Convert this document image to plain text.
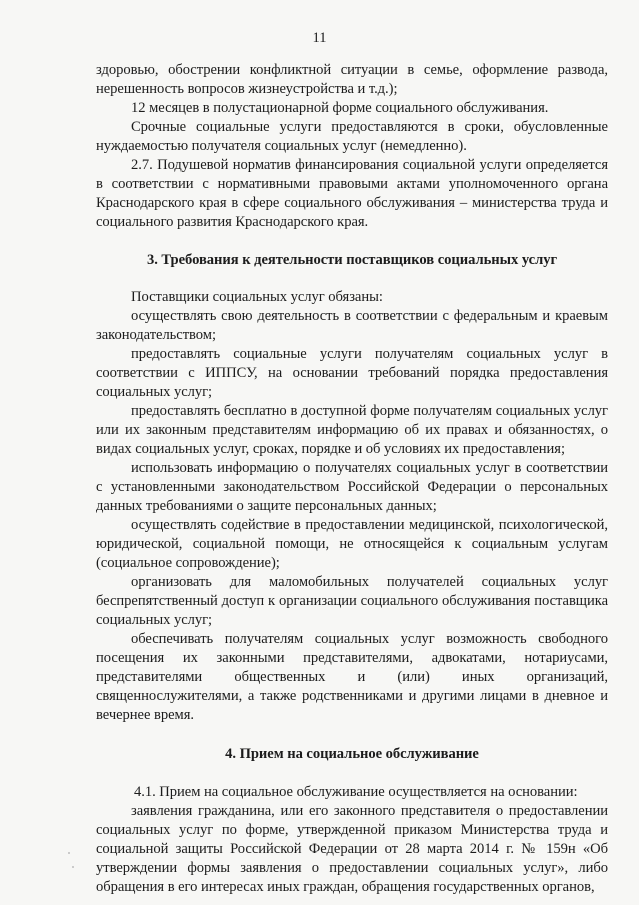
11

здоровью, обострении конфликтной ситуации в семье, оформление развода, нерешенность вопросов жизнеустройства и т.д.);

12 месяцев в полустационарной форме социального обслуживания.

Срочные социальные услуги предоставляются в сроки, обусловленные нуждаемостью получателя социальных услуг (немедленно).

2.7. Подушевой норматив финансирования социальной услуги определяется в соответствии с нормативными правовыми актами уполномоченного органа Краснодарского края в сфере социального обслуживания – министерства труда и социального развития Краснодарского края.

3. Требования к деятельности поставщиков социальных услуг

Поставщики социальных услуг обязаны:

осуществлять свою деятельность в соответствии с федеральным и краевым законодательством;

предоставлять социальные услуги получателям социальных услуг в соответствии с ИППСУ, на основании требований порядка предоставления социальных услуг;

предоставлять бесплатно в доступной форме получателям социальных услуг или их законным представителям информацию об их правах и обязанностях, о видах социальных услуг, сроках, порядке и об условиях их предоставления;

использовать информацию о получателях социальных услуг в соответствии с установленными законодательством Российской Федерации о персональных данных требованиями о защите персональных данных;

осуществлять содействие в предоставлении медицинской, психологической, юридической, социальной помощи, не относящейся к социальным услугам (социальное сопровождение);

организовать для маломобильных получателей социальных услуг беспрепятственный доступ к организации социального обслуживания поставщика социальных услуг;

обеспечивать получателям социальных услуг возможность свободного посещения их законными представителями, адвокатами, нотариусами, представителями общественных и (или) иных организаций, священнослужителями, а также родственниками и другими лицами в дневное и вечернее время.

4. Прием на социальное обслуживание

4.1. Прием на социальное обслуживание осуществляется на основании:

заявления гражданина, или его законного представителя о предоставлении социальных услуг по форме, утвержденной приказом Министерства труда и социальной защиты Российской Федерации от 28 марта 2014 г. № 159н «Об утверждении формы заявления о предоставлении социальных услуг», либо обращения в его интересах иных граждан, обращения государственных органов,
